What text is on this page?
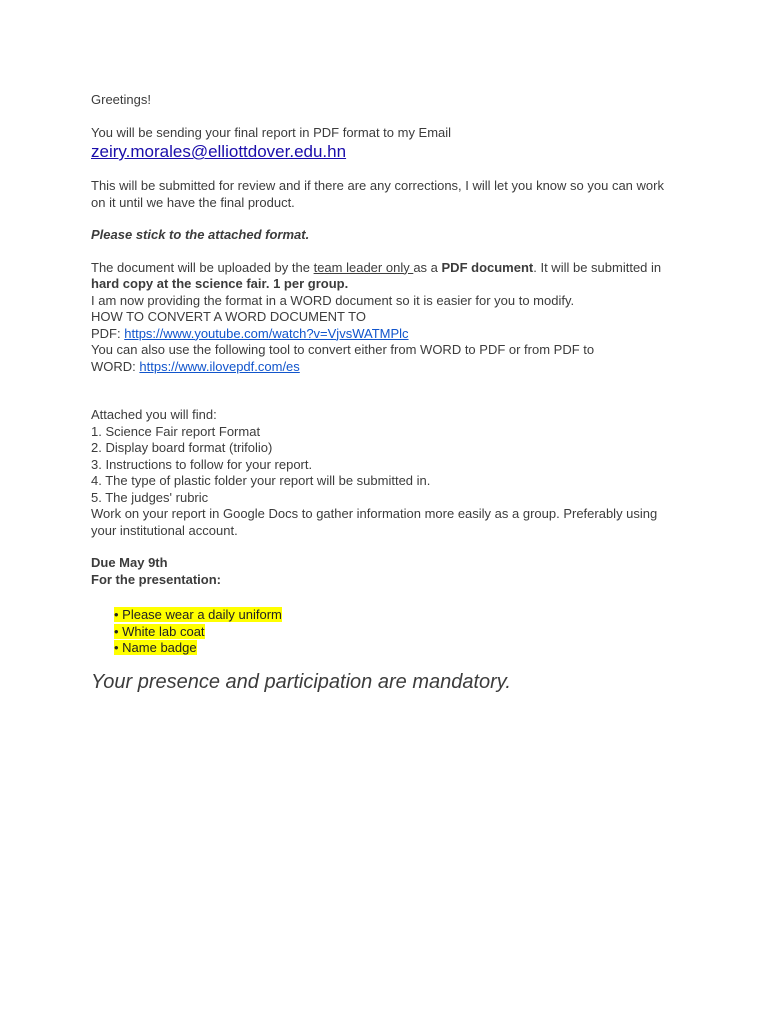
Greetings!

You will be sending your final report in PDF format to my Email

zeiry.morales@elliottdover.edu.hn

This will be submitted for review and if there are any corrections, I will let you know so you can work on it until we have the final product.

Please stick to the attached format.

The document will be uploaded by the team leader only as a PDF document. It will be submitted in hard copy at the science fair. 1 per group.

I am now providing the format in a WORD document so it is easier for you to modify.

HOW TO CONVERT A WORD DOCUMENT TO

PDF: https://www.youtube.com/watch?v=VjvsWATMPlc

You can also use the following tool to convert either from WORD to PDF or from PDF to

WORD: https://www.ilovepdf.com/es

Attached you will find:

1. Science Fair report Format
2. Display board format (trifolio)
3. Instructions to follow for your report.
4. The type of plastic folder your report will be submitted in.
5. The judges' rubric

Work on your report in Google Docs to gather information more easily as a group. Preferably using your institutional account.

Due May 9th

For the presentation:

• Please wear a daily uniform
• White lab coat
• Name badge

Your presence and participation are mandatory.
